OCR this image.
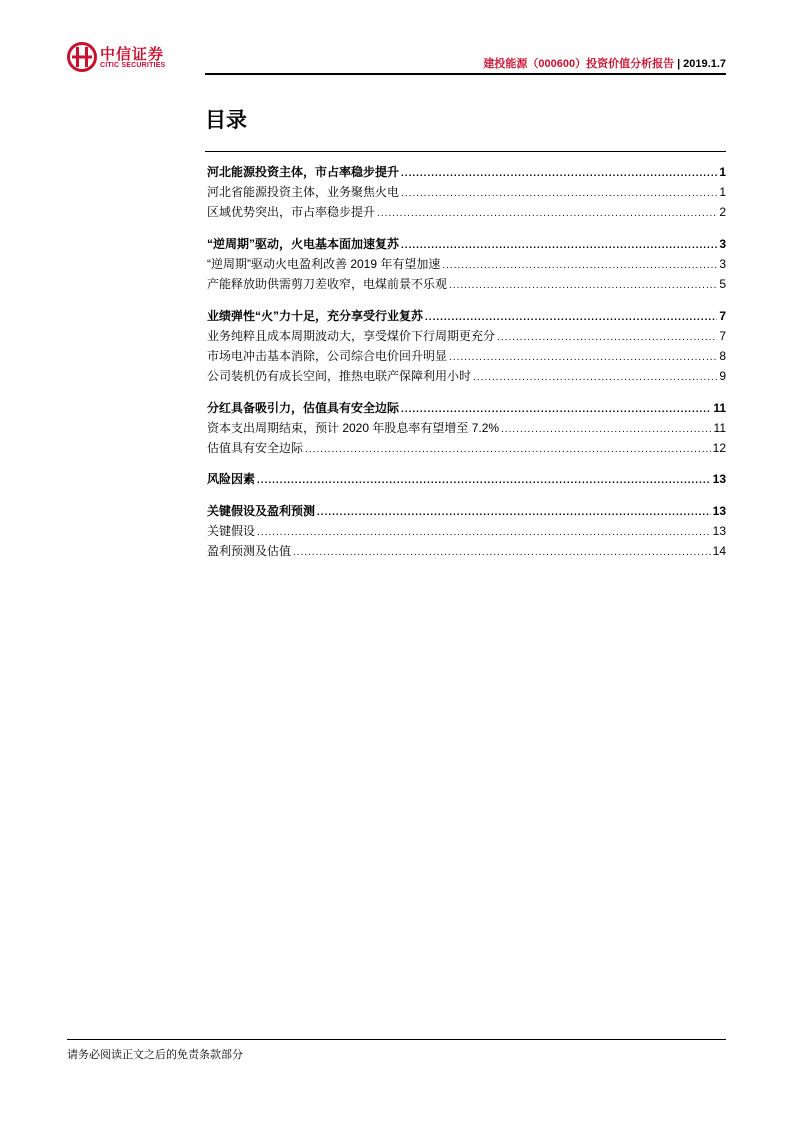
中信证券
CITIC SECURITIES	建投能源（000600）投资价值分析报告 | 2019.1.7
目录
河北能源投资主体，市占率稳步提升 .....	1
河北省能源投资主体，业务聚焦火电 .....	1
区域优势突出，市占率稳步提升 .....	2
“逆周期”驱动，火电基本面加速复苏 .....	3
“逆周期”驱动火电盈利改善 2019 年有望加速 .....	3
产能释放助供需剪刀差收窄，电煤前景不乐观 .....	5
业绩弹性“火”力十足，充分享受行业复苏 .....	7
业务纯粹且成本周期波动大，享受煤价下行周期更充分 .....	7
市场电冲击基本消除，公司综合电价回升明显 .....	8
公司装机仍有成长空间，推热电联产保障利用小时 .....	9
分红具备吸引力，估值具有安全边际 .....	11
资本支出周期结束，预计 2020 年股息率有望增至 7.2% .....	11
估值具有安全边际 .....	12
风险因素 .....	13
关键假设及盈利预测 .....	13
关键假设 .....	13
盈利预测及估值 .....	14
请务必阅读正文之后的免责条款部分
